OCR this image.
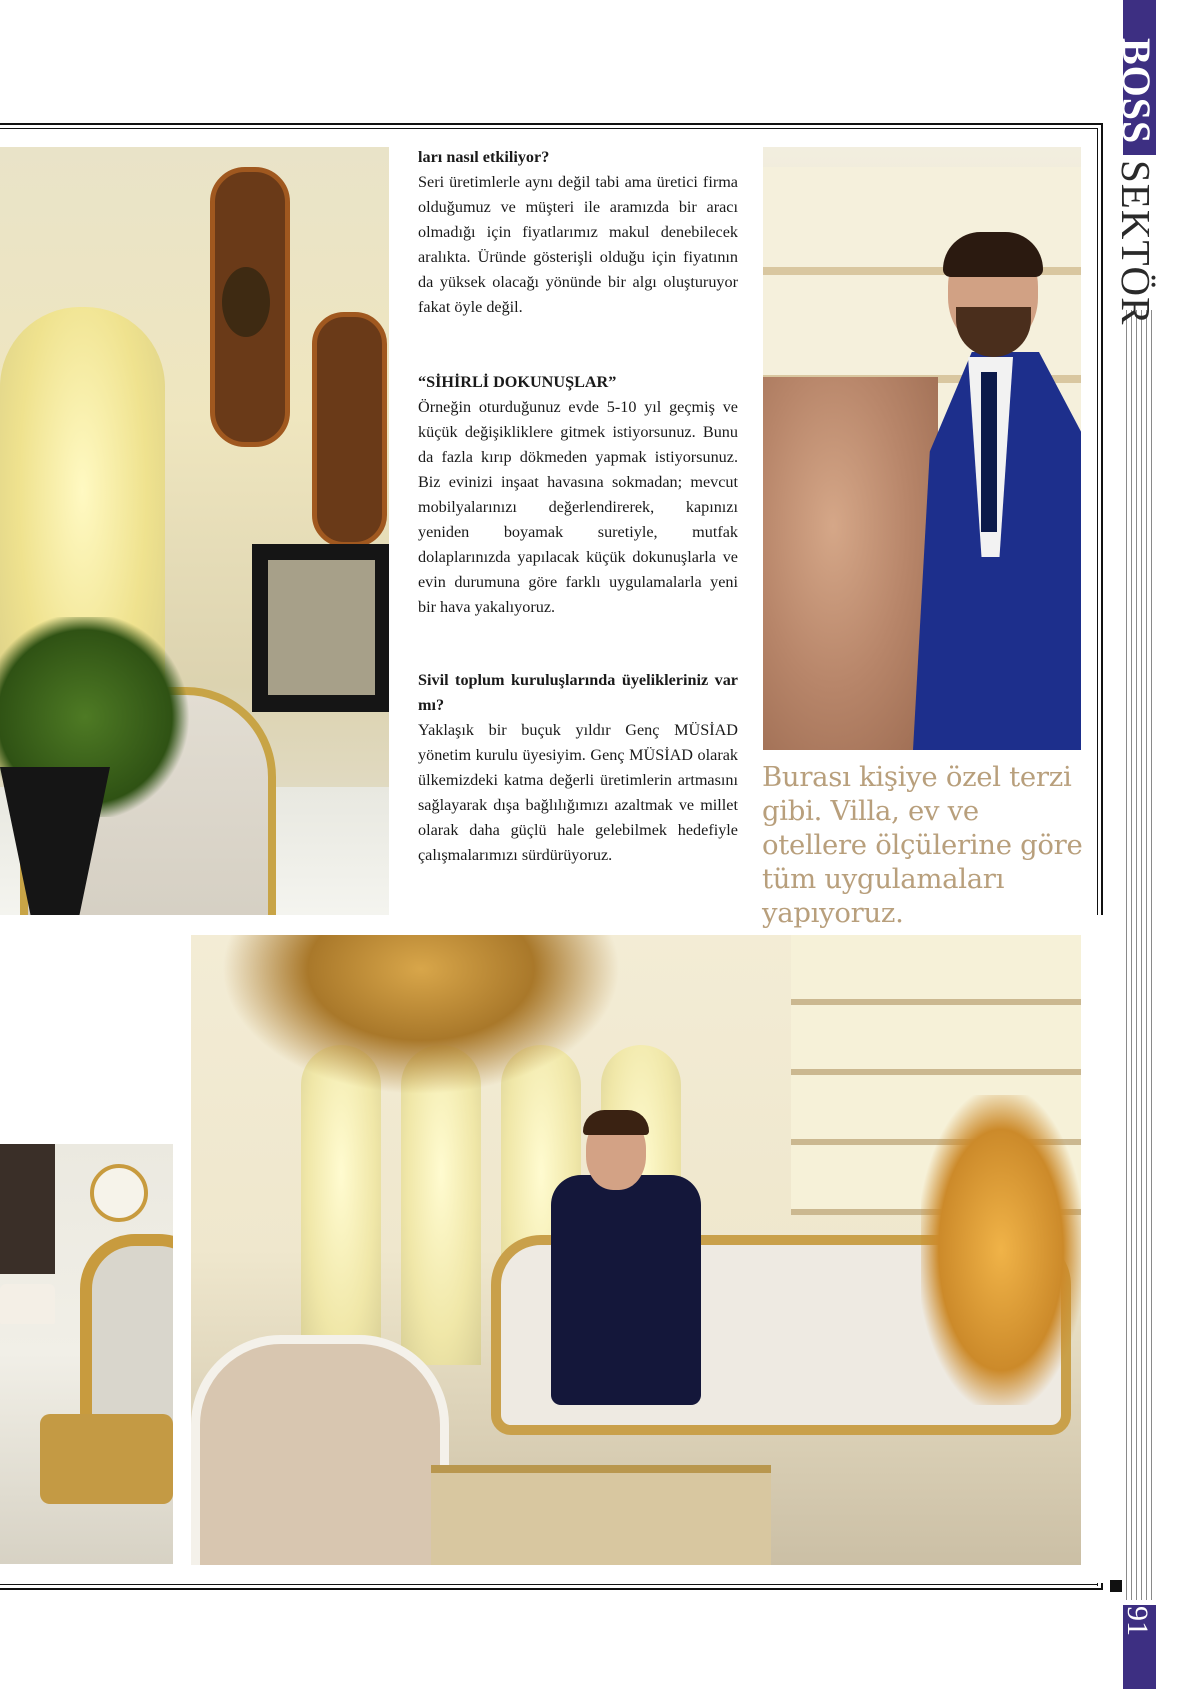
BOSS
SEKTÖR
91

ları nasıl etkiliyor?

Seri üretimlerle aynı değil tabi ama üretici firma olduğumuz ve müşteri ile aramızda bir aracı olmadığı için fiyatlarımız makul denebilecek aralıkta. Üründe gösterişli olduğu için fiyatının da yüksek olacağı yönünde bir algı oluşturuyor fakat öyle değil.

“SİHİRLİ DOKUNUŞLAR”

Örneğin oturduğunuz evde 5-10 yıl geçmiş ve küçük değişikliklere gitmek istiyorsunuz. Bunu da fazla kırıp dökmeden yapmak istiyorsunuz. Biz evinizi inşaat havasına sokmadan; mevcut mobilyalarınızı değerlendirerek, kapınızı yeniden boyamak suretiyle, mutfak dolaplarınızda yapılacak küçük dokunuşlarla ve evin durumuna göre farklı uygulamalarla yeni bir hava yakalıyoruz.

Sivil toplum kuruluşlarında üyelikleriniz var mı?

Yaklaşık bir buçuk yıldır Genç MÜSİAD yönetim kurulu üyesiyim. Genç MÜSİAD olarak ülkemizdeki katma değerli üretimlerin artmasını sağlayarak dışa bağlılığımızı azaltmak ve millet olarak daha güçlü hale gelebilmek hedefiyle çalışmalarımızı sürdürüyoruz.

Burası kişiye özel terzi gibi. Villa, ev ve otellere ölçülerine göre tüm uygulamaları yapıyoruz.
